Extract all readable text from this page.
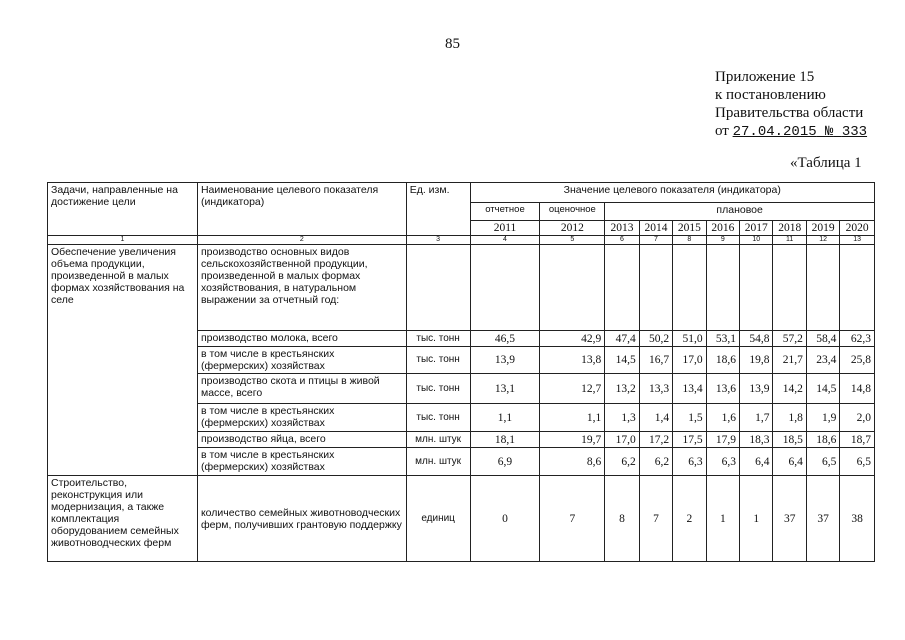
85
Приложение 15
к постановлению
Правительства области
от 27.04.2015 № 333
«Таблица 1
Задачи, направленные на достижение цели	Наименование целевого показателя (индикатора)	Ед. изм.	Значение целевого показателя (индикатора)									
			отчетное	оценочное	плановое							
			2011	2012	2013	2014	2015	2016	2017	2018	2019	2020
1	2	3	4	5	6	7	8	9	10	11	12	13
Обеспечение увеличения объема продукции, произведенной в малых формах хозяйствования на селе	производство основных видов сельскохозяйственной продукции, произведенной в малых формах хозяйствования, в натуральном выражении за отчетный год:											
	производство молока, всего	тыс. тонн	46,5	42,9	47,4	50,2	51,0	53,1	54,8	57,2	58,4	62,3
	в том числе в крестьянских (фермерских) хозяйствах	тыс. тонн	13,9	13,8	14,5	16,7	17,0	18,6	19,8	21,7	23,4	25,8
	производство скота и птицы в живой массе, всего	тыс. тонн	13,1	12,7	13,2	13,3	13,4	13,6	13,9	14,2	14,5	14,8
	в том числе в крестьянских (фермерских) хозяйствах	тыс. тонн	1,1	1,1	1,3	1,4	1,5	1,6	1,7	1,8	1,9	2,0
	производство яйца, всего	млн. штук	18,1	19,7	17,0	17,2	17,5	17,9	18,3	18,5	18,6	18,7
	в том числе в крестьянских (фермерских) хозяйствах	млн. штук	6,9	8,6	6,2	6,2	6,3	6,3	6,4	6,4	6,5	6,5
Строительство, реконструкция или модернизация, а также комплектация оборудованием семейных животноводческих ферм	количество семейных животноводческих ферм, получивших грантовую поддержку	единиц	0	7	8	7	2	1	1	37	37	38
